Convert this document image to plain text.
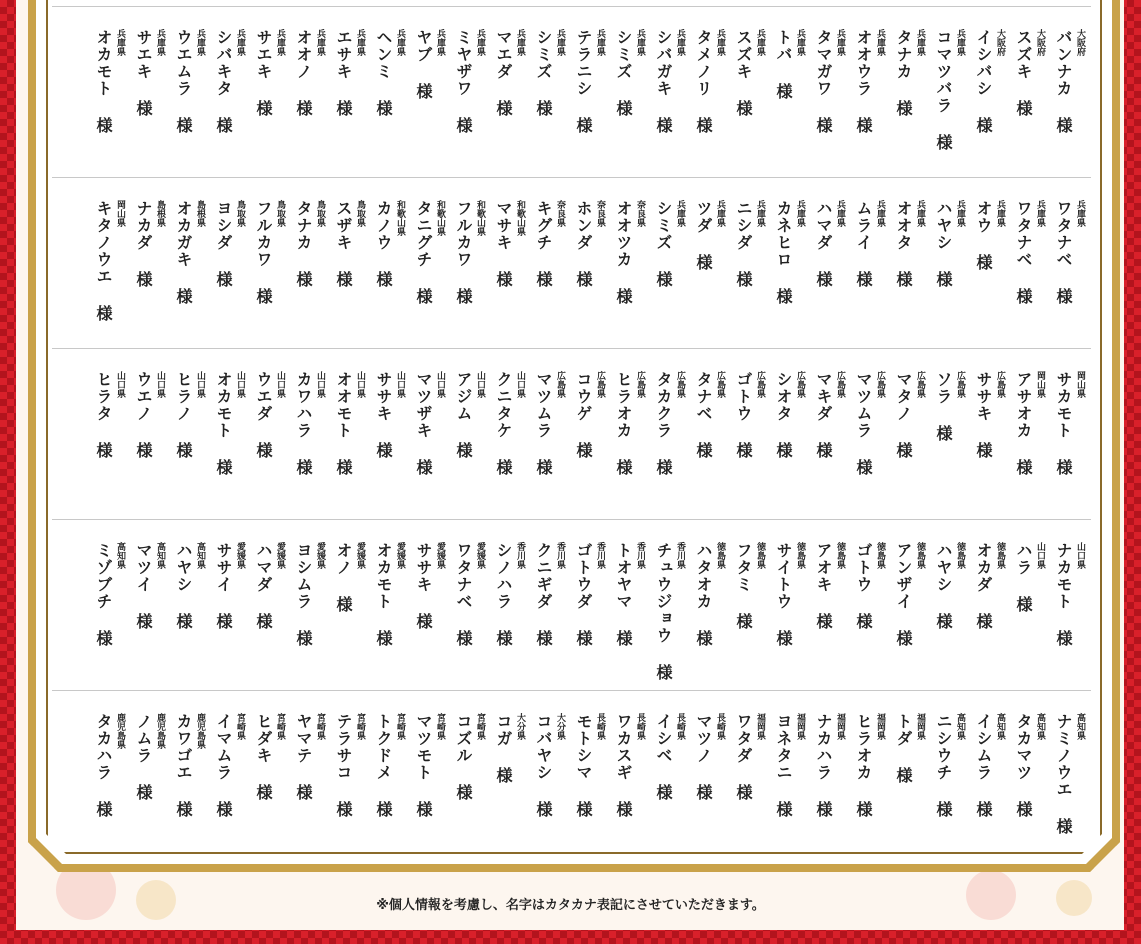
大阪府
バンナカ 様
大阪府
スズキ 様
大阪府
イシバシ 様
兵庫県
コマツバラ 様
兵庫県
タナカ 様
兵庫県
オオウラ 様
兵庫県
タマガワ 様
兵庫県
トバ 様
兵庫県
スズキ 様
兵庫県
タメノリ 様
兵庫県
シバガキ 様
兵庫県
シミズ 様
兵庫県
テラニシ 様
兵庫県
シミズ 様
兵庫県
マエダ 様
兵庫県
ミヤザワ 様
兵庫県
ヤブ 様
兵庫県
ヘンミ 様
兵庫県
エサキ 様
兵庫県
オオノ 様
兵庫県
サエキ 様
兵庫県
シバキタ 様
兵庫県
ウエムラ 様
兵庫県
サエキ 様
兵庫県
オカモト 様
兵庫県
ワタナベ 様
兵庫県
ワタナベ 様
兵庫県
オウ 様
兵庫県
ハヤシ 様
兵庫県
オオタ 様
兵庫県
ムライ 様
兵庫県
ハマダ 様
兵庫県
カネヒロ 様
兵庫県
ニシダ 様
兵庫県
ツダ 様
兵庫県
シミズ 様
奈良県
オオツカ 様
奈良県
ホンダ 様
奈良県
キグチ 様
和歌山県
マサキ 様
和歌山県
フルカワ 様
和歌山県
タニグチ 様
和歌山県
カノウ 様
鳥取県
スザキ 様
鳥取県
タナカ 様
鳥取県
フルカワ 様
鳥取県
ヨシダ 様
島根県
オカガキ 様
島根県
ナカダ 様
岡山県
キタノウエ 様
岡山県
サカモト 様
岡山県
アサオカ 様
広島県
ササキ 様
広島県
ソラ 様
広島県
マタノ 様
広島県
マツムラ 様
広島県
マキダ 様
広島県
シオタ 様
広島県
ゴトウ 様
広島県
タナベ 様
広島県
タカクラ 様
広島県
ヒラオカ 様
広島県
コウゲ 様
広島県
マツムラ 様
山口県
クニタケ 様
山口県
アジム 様
山口県
マツザキ 様
山口県
ササキ 様
山口県
オオモト 様
山口県
カワハラ 様
山口県
ウエダ 様
山口県
オカモト 様
山口県
ヒラノ 様
山口県
ウエノ 様
山口県
ヒラタ 様
山口県
ナカモト 様
山口県
ハラ 様
徳島県
オカダ 様
徳島県
ハヤシ 様
徳島県
アンザイ 様
徳島県
ゴトウ 様
徳島県
アオキ 様
徳島県
サイトウ 様
徳島県
フタミ 様
徳島県
ハタオカ 様
香川県
チュウジョウ 様
香川県
トオヤマ 様
香川県
ゴトウダ 様
香川県
クニギダ 様
香川県
シノハラ 様
愛媛県
ワタナベ 様
愛媛県
ササキ 様
愛媛県
オカモト 様
愛媛県
オノ 様
愛媛県
ヨシムラ 様
愛媛県
ハマダ 様
愛媛県
ササイ 様
高知県
ハヤシ 様
高知県
マツイ 様
高知県
ミゾブチ 様
高知県
ナミノウエ 様
高知県
タカマツ 様
高知県
イシムラ 様
高知県
ニシウチ 様
福岡県
トダ 様
福岡県
ヒラオカ 様
福岡県
ナカハラ 様
福岡県
ヨネタニ 様
福岡県
ワタダ 様
長崎県
マツノ 様
長崎県
イシベ 様
長崎県
ワカスギ 様
長崎県
モトシマ 様
大分県
コバヤシ 様
大分県
コガ 様
宮崎県
コズル 様
宮崎県
マツモト 様
宮崎県
トクドメ 様
宮崎県
テラサコ 様
宮崎県
ヤマテ 様
宮崎県
ヒダキ 様
宮崎県
イマムラ 様
鹿児島県
カワゴエ 様
鹿児島県
ノムラ 様
鹿児島県
タカハラ 様
※個人情報を考慮し、名字はカタカナ表記にさせていただきます。
